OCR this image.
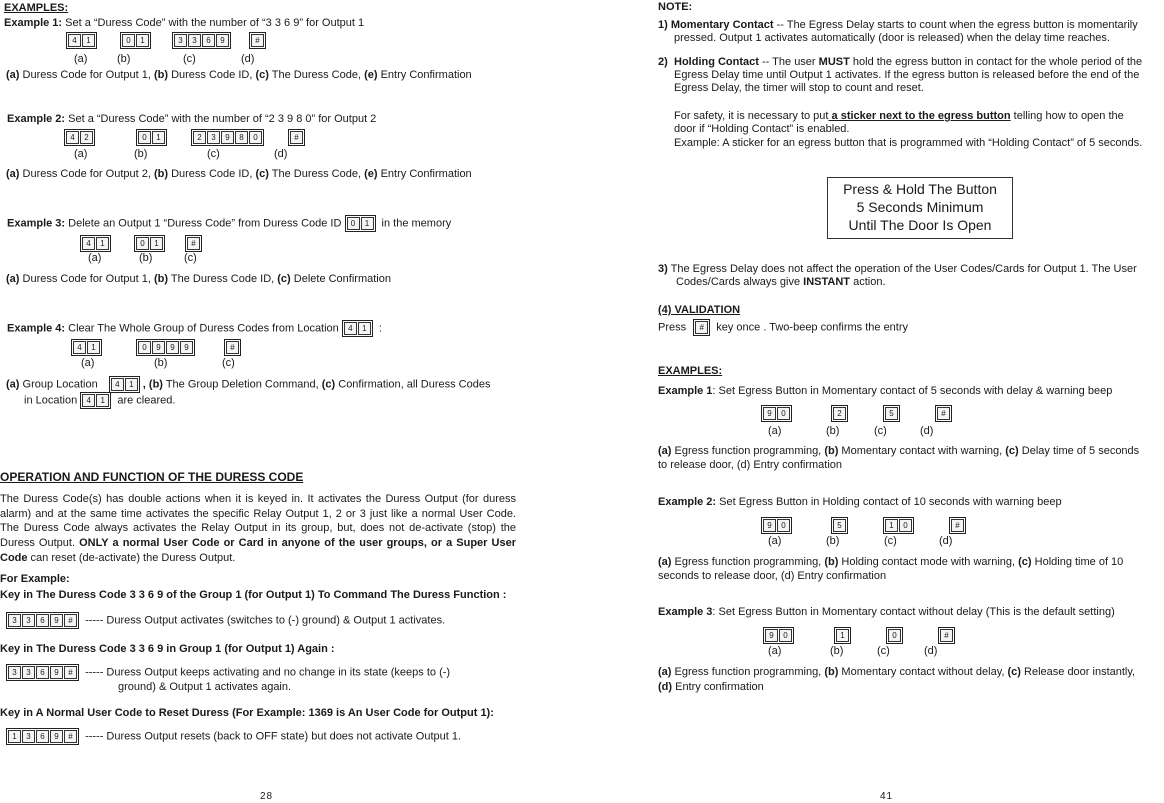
EXAMPLES:
Example 1: Set a “Duress Code” with the number of “3 3 6 9” for Output 1
4	1	0	1	3	3	6	9	#
(a)	(b)	(c)	(d)
(a) Duress Code for Output 1, (b) Duress Code ID, (c) The Duress Code, (e) Entry Confirmation
Example 2: Set a “Duress Code” with the number of “2 3 9 8 0” for Output 2
4	2	0	1	2	3	9	8	0	#
(a)	(b)	(c)	(d)
(a) Duress Code for Output 2, (b) Duress Code ID, (c) The Duress Code, (e) Entry Confirmation
Example 3: Delete an Output 1 “Duress Code” from Duress Code ID	0	1 in the memory
4	1	0	1	#
(a)	(b)	(c)
(a) Duress Code for Output 1, (b) The Duress Code ID, (c) Delete Confirmation
Example 4: Clear The Whole Group of Duress Codes from Location	4	1 :
4	1	0	9	9	9	#
(a)	(b)	(c)
(a) Group Location	4	1 , (b) The Group Deletion Command, (c) Confirmation, all Duress Codes
in Location	4	1 are cleared.
OPERATION AND FUNCTION OF THE DURESS CODE
The Duress Code(s) has double actions when it is keyed in. It activates the Duress Output (for duress alarm) and at the same time activates the specific Relay Output 1, 2 or 3 just like a normal User Code. The Duress Code always activates the Relay Output in its group, but, does not de-activate (stop) the Duress Output. ONLY a normal User Code or Card in anyone of the user groups, or a Super User Code can reset (de-activate) the Duress Output.
For Example:
Key in The Duress Code 3 3 6 9 of the Group 1 (for Output 1) To Command The Duress Function :
3	3	6	9	#	----- Duress Output activates (switches to (-) ground) & Output 1 activates.
Key in The Duress Code 3 3 6 9 in Group 1 (for Output 1) Again :
3	3	6	9	#	----- Duress Output keeps activating and no change in its state (keeps to (-)
ground) & Output 1 activates again.
Key in A Normal User Code to Reset Duress (For Example: 1369 is An User Code for Output 1):
1	3	6	9	#	----- Duress Output resets (back to OFF state) but does not activate Output 1.
28
NOTE:
1) Momentary Contact -- The Egress Delay starts to count when the egress button is momentarily
pressed. Output 1 activates automatically (door is released) when the delay time reaches.
2) Holding Contact -- The user MUST hold the egress button in contact for the whole period of the
Egress Delay time until Output 1 activates. If the egress button is released before the end of the
Egress Delay, the timer will stop to count and reset.
For safety, it is necessary to put a sticker next to the egress button telling how to open the
door if “Holding Contact” is enabled.
Example: A sticker for an egress button that is programmed with “Holding Contact” of 5 seconds.
Press & Hold The Button
5 Seconds Minimum
Until The Door Is Open
3) The Egress Delay does not affect the operation of the User Codes/Cards for Output 1. The User
Codes/Cards always give INSTANT action.
(4) VALIDATION
Press	# key once . Two-beep confirms the entry
EXAMPLES:
Example 1: Set Egress Button in Momentary contact of 5 seconds with delay & warning beep
9	0	2	5	#
(a)	(b)	(c)	(d)
(a) Egress function programming, (b) Momentary contact with warning, (c) Delay time of 5 seconds
to release door, (d) Entry confirmation
Example 2: Set Egress Button in Holding contact of 10 seconds with warning beep
9	0	5	1	0	#
(a)	(b)	(c)	(d)
(a) Egress function programming, (b) Holding contact mode with warning, (c) Holding time of 10
seconds to release door, (d) Entry confirmation
Example 3: Set Egress Button in Momentary contact without delay (This is the default setting)
9	0	1	0	#
(a)	(b)	(c)	(d)
(a) Egress function programming, (b) Momentary contact without delay, (c) Release door instantly,
(d) Entry confirmation
41
